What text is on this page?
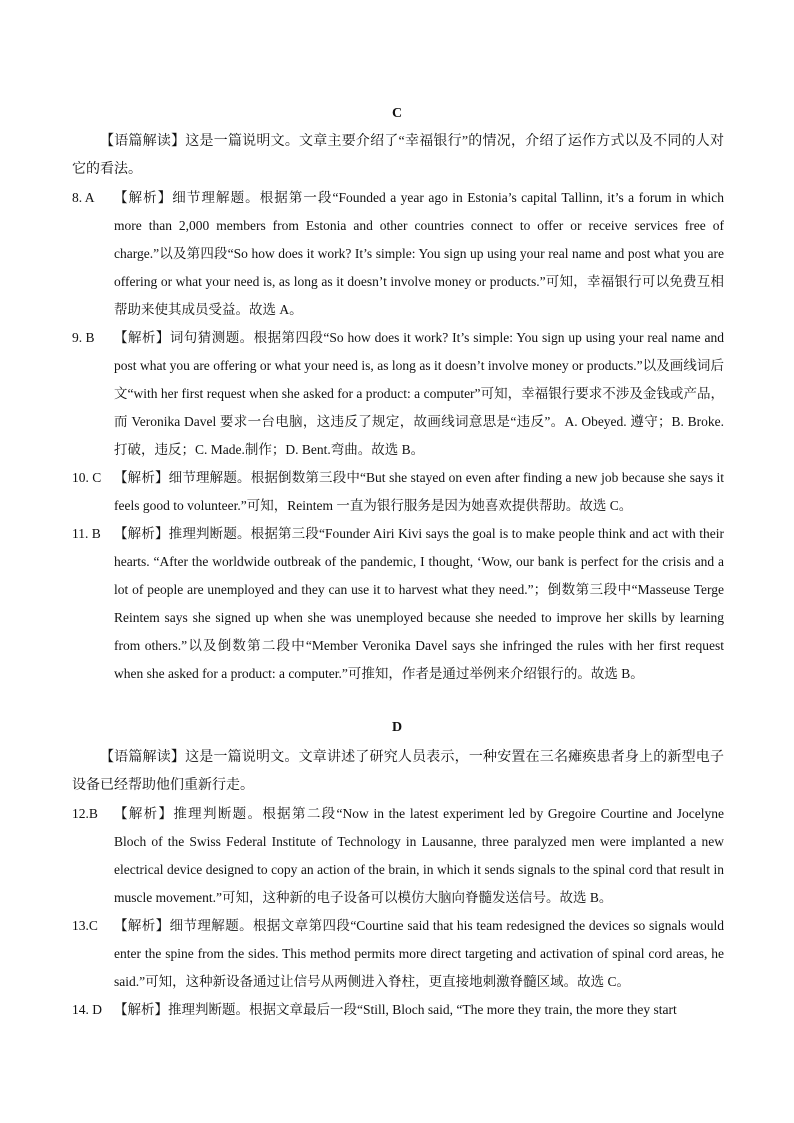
C
【语篇解读】这是一篇说明文。文章主要介绍了“幸福银行”的情况，介绍了运作方式以及不同的人对它的看法。
8. A 【解析】细节理解题。根据第一段“Founded a year ago in Estonia’s capital Tallinn, it’s a forum in which more than 2,000 members from Estonia and other countries connect to offer or receive services free of charge.”以及第四段“So how does it work? It’s simple: You sign up using your real name and post what you are offering or what your need is, as long as it doesn’t involve money or products.”可知，幸福银行可以免费互相帮助来使其成员受益。故选 A。
9. B 【解析】词句猜测题。根据第四段“So how does it work? It’s simple: You sign up using your real name and post what you are offering or what your need is, as long as it doesn’t involve money or products.”以及画线词后文“with her first request when she asked for a product: a computer”可知，幸福银行要求不涉及金钱或产品，而 Veronika Davel 要求一台电脑，这违反了规定，故画线词意思是“违反”。A. Obeyed. 遵守；B. Broke.打破，违反；C. Made.制作；D. Bent.弯曲。故选 B。
10. C 【解析】细节理解题。根据倒数第三段中“But she stayed on even after finding a new job because she says it feels good to volunteer.”可知，Reintem 一直为银行服务是因为她喜欢提供帮助。故选 C。
11. B 【解析】推理判断题。根据第三段“Founder Airi Kivi says the goal is to make people think and act with their hearts. “After the worldwide outbreak of the pandemic, I thought, ‘Wow, our bank is perfect for the crisis and a lot of people are unemployed and they can use it to harvest what they need.”；倒数第三段中“Masseuse Terge Reintem says she signed up when she was unemployed because she needed to improve her skills by learning from others.”以及倒数第二段中“Member Veronika Davel says she infringed the rules with her first request when she asked for a product: a computer.”可推知，作者是通过举例来介绍银行的。故选 B。
D
【语篇解读】这是一篇说明文。文章讲述了研究人员表示，一种安置在三名瘫痪患者身上的新型电子设备已经帮助他们重新行走。
12.B 【解析】推理判断题。根据第二段“Now in the latest experiment led by Gregoire Courtine and Jocelyne Bloch of the Swiss Federal Institute of Technology in Lausanne, three paralyzed men were implanted a new electrical device designed to copy an action of the brain, in which it sends signals to the spinal cord that result in muscle movement.”可知，这种新的电子设备可以模仿大脑向脊髓发送信号。故选 B。
13.C 【解析】细节理解题。根据文章第四段“Courtine said that his team redesigned the devices so signals would enter the spine from the sides. This method permits more direct targeting and activation of spinal cord areas, he said.”可知，这种新设备通过让信号从两侧进入脊柱，更直接地刺激脊髓区域。故选 C。
14. D 【解析】推理判断题。根据文章最后一段“Still, Bloch said, “The more they train, the more they start
